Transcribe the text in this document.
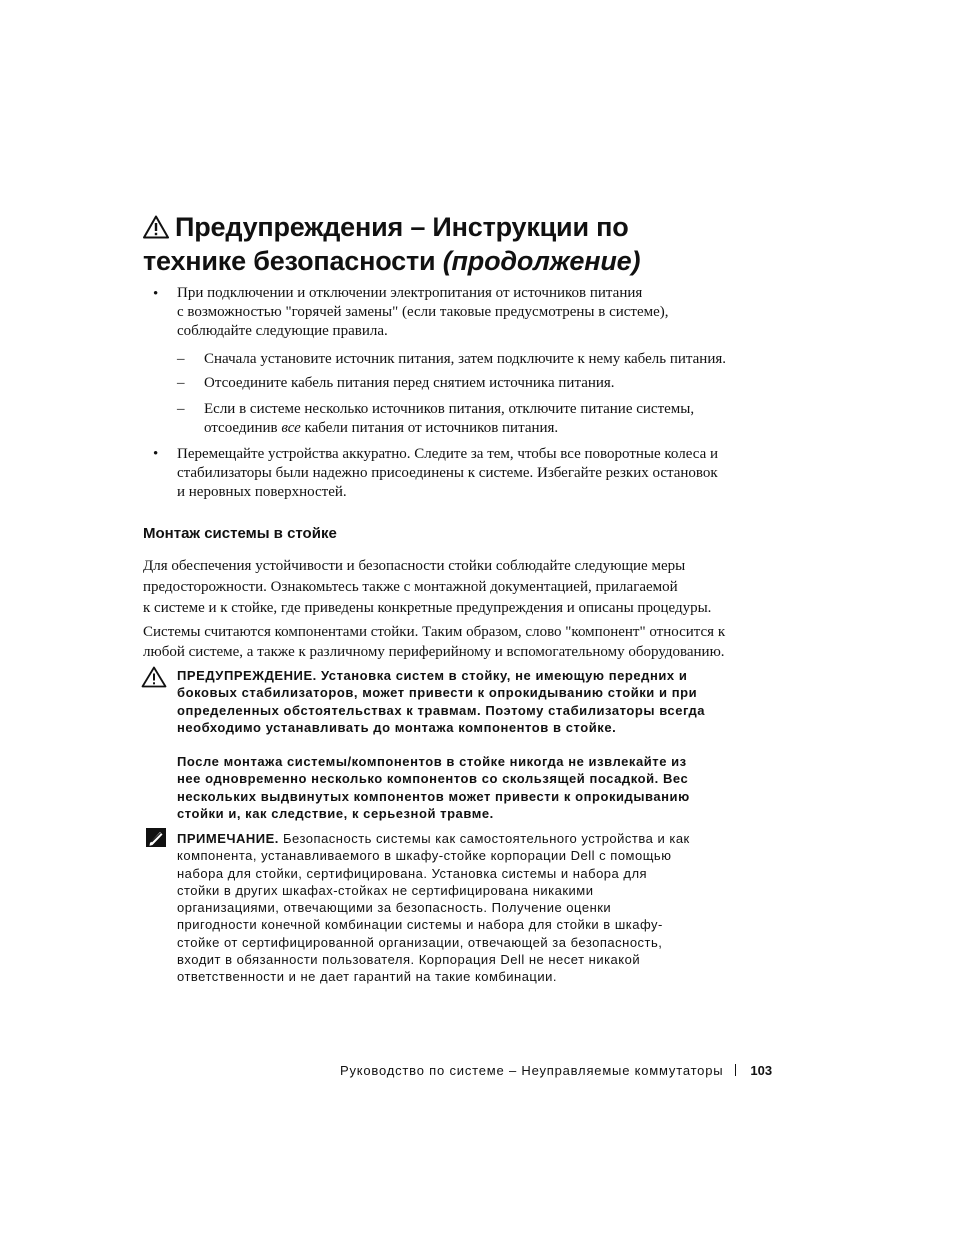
Предупреждения – Инструкции по
технике безопасности (продолжение)
• При подключении и отключении электропитания от источников питания
с возможностью "горячей замены" (если таковые предусмотрены в системе),
соблюдайте следующие правила.
– Сначала установите источник питания, затем подключите к нему кабель питания.
– Отсоедините кабель питания перед снятием источника питания.
– Если в системе несколько источников питания, отключите питание системы,
отсоединив все кабели питания от источников питания.
• Перемещайте устройства аккуратно. Следите за тем, чтобы все поворотные колеса и
стабилизаторы были надежно присоединены к системе. Избегайте резких остановок
и неровных поверхностей.
Монтаж системы в стойке
Для обеспечения устойчивости и безопасности стойки соблюдайте следующие меры
предосторожности. Ознакомьтесь также с монтажной документацией, прилагаемой
к системе и к стойке, где приведены конкретные предупреждения и описаны процедуры.
Системы считаются компонентами стойки. Таким образом, слово "компонент" относится к
любой системе, а также к различному периферийному и вспомогательному оборудованию.

ПРЕДУПРЕЖДЕНИЕ. Установка систем в стойку, не имеющую передних и
боковых стабилизаторов, может привести к опрокидыванию стойки и при
определенных обстоятельствах к травмам. Поэтому стабилизаторы всегда
необходимо устанавливать до монтажа компонентов в стойке.

После монтажа системы/компонентов в стойке никогда не извлекайте из
нее одновременно несколько компонентов со скользящей посадкой. Вес
нескольких выдвинутых компонентов может привести к опрокидыванию
стойки и, как следствие, к серьезной травме.

ПРИМЕЧАНИЕ. Безопасность системы как самостоятельного устройства и как
компонента, устанавливаемого в шкафу-стойке корпорации Dell с помощью
набора для стойки, сертифицирована. Установка системы и набора для
стойки в других шкафах-стойках не сертифицирована никакими
организациями, отвечающими за безопасность. Получение оценки
пригодности конечной комбинации системы и набора для стойки в шкафу-
стойке от сертифицированной организации, отвечающей за безопасность,
входит в обязанности пользователя. Корпорация Dell не несет никакой
ответственности и не дает гарантий на такие комбинации.
Руководство по системе – Неуправляемые коммутаторы 103
